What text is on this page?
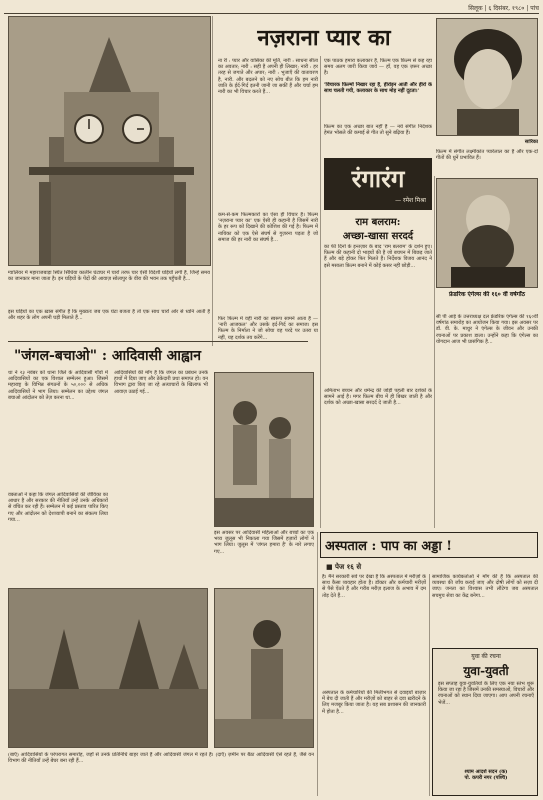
सिलूक | ६ दिसंबर, १९८० | पांच
ग्वालियर में महाराजबाड़ा स्थित सिंधिया कालीन घंटाघर में चारों तरफ चार ऐसी विदेशी घड़ियाँ लगी हैं, जिन्हें समय का जानकार माना जाता है। इन घड़ियों के पेंदों की आवाज़ सोलापुर के वीरा की भवन तक पहुँचती है...
इस घड़ियों का एक ख़ास संगीत है कि मुख्यतः जब एक घंटा बजता है तो एक साथ चारों ओर से ध्वनि आती है और शहर के लोग अपनी घड़ी मिलाते हैं...
"जंगल‑बचाओ" : आदिवासी आह्वान
था ने २३ नवंबर को थाना जिले के आदिवासी गाँवों में आदिवासियों का एक विशाल सम्मेलन हुआ। जिसमें महाराष्ट्र के विभिन्न संगठनों के ५०,००० से अधिक आदिवासियों ने भाग लिया। सम्मेलन का उद्देश्य जंगल बचाओ आंदोलन को तेज़ करना था...
वक्ताओं ने कहा कि जंगल आदिवासियों की जीविका का आधार है और सरकार की नीतियाँ उन्हें उनके अधिकारों से वंचित कर रही हैं। सम्मेलन में कई प्रस्ताव पारित किए गए और आंदोलन को देशव्यापी बनाने का संकल्प लिया गया...
आदिवासियों की माँग है कि जंगल का प्रबंधन उनके हाथों में दिया जाए और ठेकेदारी प्रथा समाप्त हो। वन विभाग द्वारा किए जा रहे अत्याचारों के खिलाफ भी आवाज़ उठाई गई...
इस अवसर पर आदिवासी महिलाओं और बच्चों का एक भव्य जुलूस भी निकाला गया जिसमें हज़ारों लोगों ने भाग लिया। जुलूस में 'जंगल हमारा है' के नारे लगाए गए...
(बाएँ) आदिवासियों के परंपरागत समारोह, जहाँ से उनके प्रतिनिधि बाहर जाते हैं और आदिवासी जंगल में रहते हैं। (दाएँ) ज़मीन पर बैठा आदिवासी ऐसे रहते हैं, जैसे वन विभाग की नीतियाँ उन्हें बेघर बना रही हैं...
नज़राना प्यार का
ना री : प्यार और वासिका की मूर्ति, नारी : साधना सीता का अवतार; नारी : सही है अपनी ही लिखार; नारी : हर तरह से जगाते और अपार; नारी : भुजाएँ की वातावरण है, नारी. और बदलने को नए सोच बीत कि हम नारी जाति के ईर्द‑गिर्द इतनी जानी जा सकीं हैं और चर्चा हम नारी का भी विचार करते हैं...
कम‑से‑कम फिल्मकारों का ऐसा ही विचार है। फिल्म 'नज़राना प्यार का' एक ऐसी ही कहानी है जिसमें नारी के हर रूप को दिखाने की कोशिश की गई है। फिल्म में नायिका को एक ऐसे संघर्ष से गुज़रना पड़ता है जो समाज की हर नारी का संघर्ष है...
फिर फिल्म में वही नारी का स्वरूप सामने आता है — 'नारी आजकल' और उसके इर्द‑गिर्द का समाज। इस फिल्म के निर्माता ने जो सोचा वह परदे पर उतरा या नहीं, यह दर्शक तय करेंगे...
एक पाठक हमारा कलाकार है, फ़िल्म एक फ़िल्म से कह रहा समय अलग जारी किया जावे — हाँ, वह एक ज़रूर अच्छा है।
'विचारक फ़िल्मों निखार रहा है, हीरोइन आती और हीरो के साथ चलती गयी, कलाकार के साथ मोह नहीं दूटता।'
फ़िल्म का एक अच्छा बात नहीं है — नये संगीत निर्देशक हेमंत भोसले की कमाई से गीत तो सुने बढ़िया हैं।
सारिका
फ़िल्म में संगीत लक्ष्मीकांत प्यारेलाल का है और एक‑दो गीतों की धुनें प्रभावित हैं।
रंगारंग
— रमेश मिश्रा
राम बलराम:
अच्छा‑खासा सरदर्द
का फी दिनों के इन्तज़ार के बाद 'राम बलराम' के दर्शन हुए। फ़िल्म की कहानी दो भाइयों की है जो बचपन में बिछड़ जाते हैं और बड़े होकर फिर मिलते हैं। निर्देशक विजय आनंद ने इसे मसाला फ़िल्म बनाने में कोई कसर नहीं छोड़ी...
अमिताभ बच्चन और धर्मेन्द्र की जोड़ी पहली बार दर्शकों के सामने आई है। मगर फ़िल्म बीच में ही बिखर जाती है और दर्शक को अच्छा‑खासा सरदर्द दे जाती है...
फ्रेडरिक एंगेल्स की १६० वीं वर्षगाँठ
सी पी आई के उत्तराध्यक्ष दल फ्रेडरिक एंगेल्स की १६०वीं वर्षगांठ समारोह का आयोजन किया गया। इस अवसर पर डॉ. वी. के. माथुर ने एंगेल्स के जीवन और उनकी रचनाओं पर प्रकाश डाला। उन्होंने कहा कि एंगेल्स का योगदान आज भी प्रासंगिक है...
अस्पताल : पाप का अड्डा !
■ पेज १६ से
है। मैंने सरकारी सर्व पर देखा है कि अस्पताल में मरीज़ों के साथ कैसा व्यवहार होता है। डॉक्टर और कर्मचारी मरीज़ों से पैसे ऐंठते हैं और गरीब मरीज़ इलाज के अभाव में दम तोड़ देते हैं...
अस्पताल के कर्मचारियों की मिलीभगत से दवाइयाँ बाज़ार में बेच दी जाती हैं और मरीज़ों को बाहर से दवा ख़रीदने के लिए मजबूर किया जाता है। यह सब प्रशासन की जानकारी में होता है...
सामाजिक कार्यकर्ताओं ने माँग की है कि अस्पताल की व्यवस्था की जाँच कराई जाए और दोषी लोगों को सज़ा दी जाए। जनता का विश्वास तभी लौटेगा जब अस्पताल सचमुच सेवा का केंद्र बनेगा...
युवा की रचना
युवा‑युवती
इस सप्ताह युवा‑युवतियों के लिए एक नया स्तंभ शुरू किया जा रहा है जिसमें उनकी समस्याओं, विचारों और रचनाओं को स्थान दिया जाएगा। आप अपनी रचनाएँ भेजें...
श्याम आदर्श सदन (क)
पो. कपरी नगर (पश्चि)
